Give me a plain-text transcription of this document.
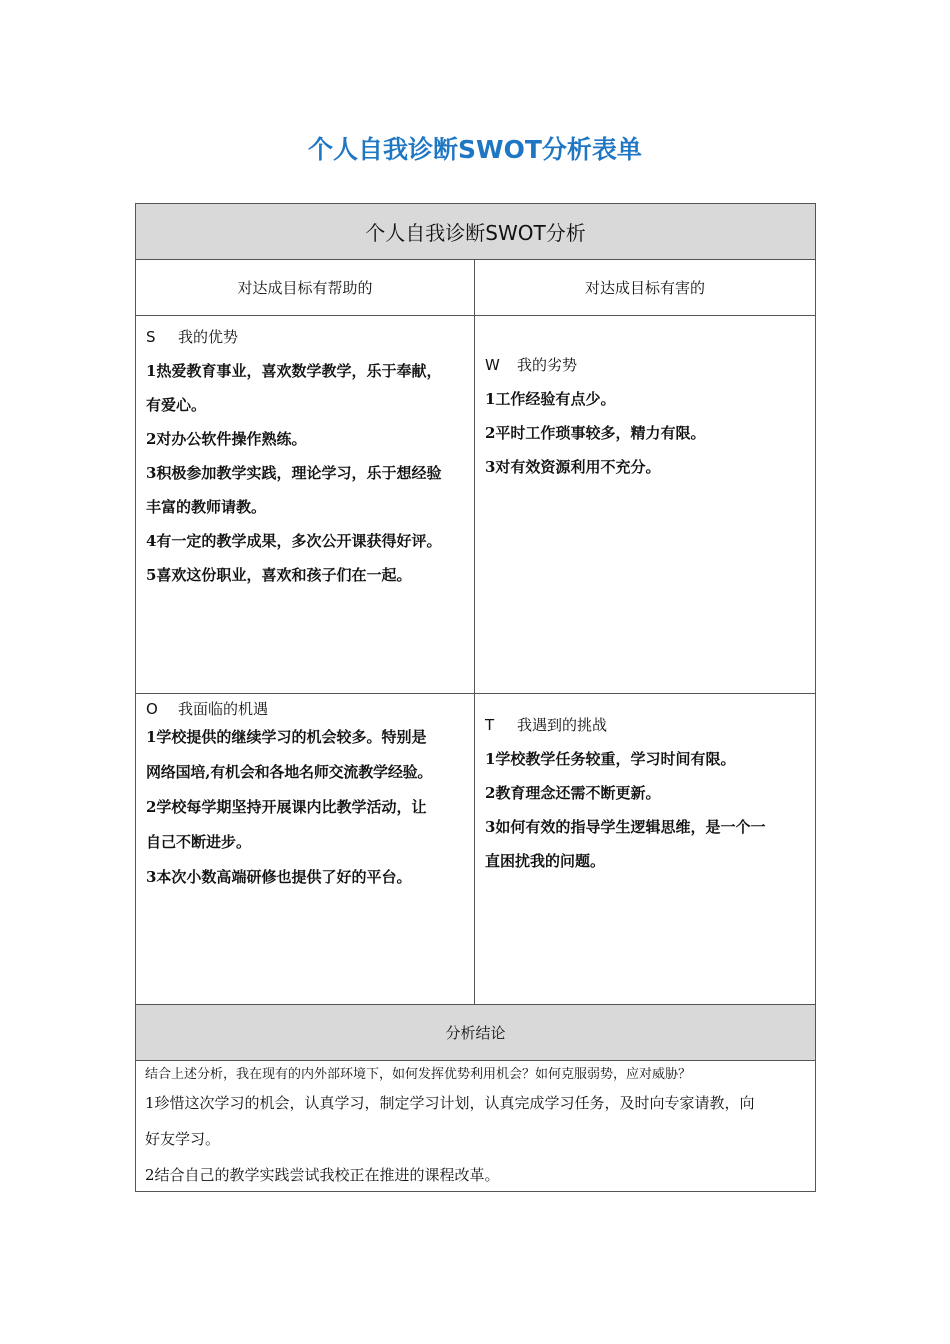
个人自我诊断SWOT分析表单
个人自我诊断SWOT分析
对达成目标有帮助的	对达成目标有害的
S 我的优势
1热爱教育事业，喜欢数学教学，乐于奉献，
有爱心。
2对办公软件操作熟练。
3积极参加教学实践，理论学习，乐于想经验
丰富的教师请教。
4有一定的教学成果，多次公开课获得好评。
5喜欢这份职业，喜欢和孩子们在一起。
W 我的劣势
1工作经验有点少。
2平时工作琐事较多，精力有限。
3对有效资源利用不充分。
O 我面临的机遇
1学校提供的继续学习的机会较多。特别是
网络国培,有机会和各地名师交流教学经验。
2学校每学期坚持开展课内比教学活动，让
自己不断进步。
3本次小数高端研修也提供了好的平台。
T 我遇到的挑战
1学校教学任务较重，学习时间有限。
2教育理念还需不断更新。
3如何有效的指导学生逻辑思维，是一个一
直困扰我的问题。
分析结论
结合上述分析，我在现有的内外部环境下，如何发挥优势利用机会？如何克服弱势，应对威胁？
1珍惜这次学习的机会，认真学习，制定学习计划，认真完成学习任务，及时向专家请教，向
好友学习。
2结合自己的教学实践尝试我校正在推进的课程改革。
